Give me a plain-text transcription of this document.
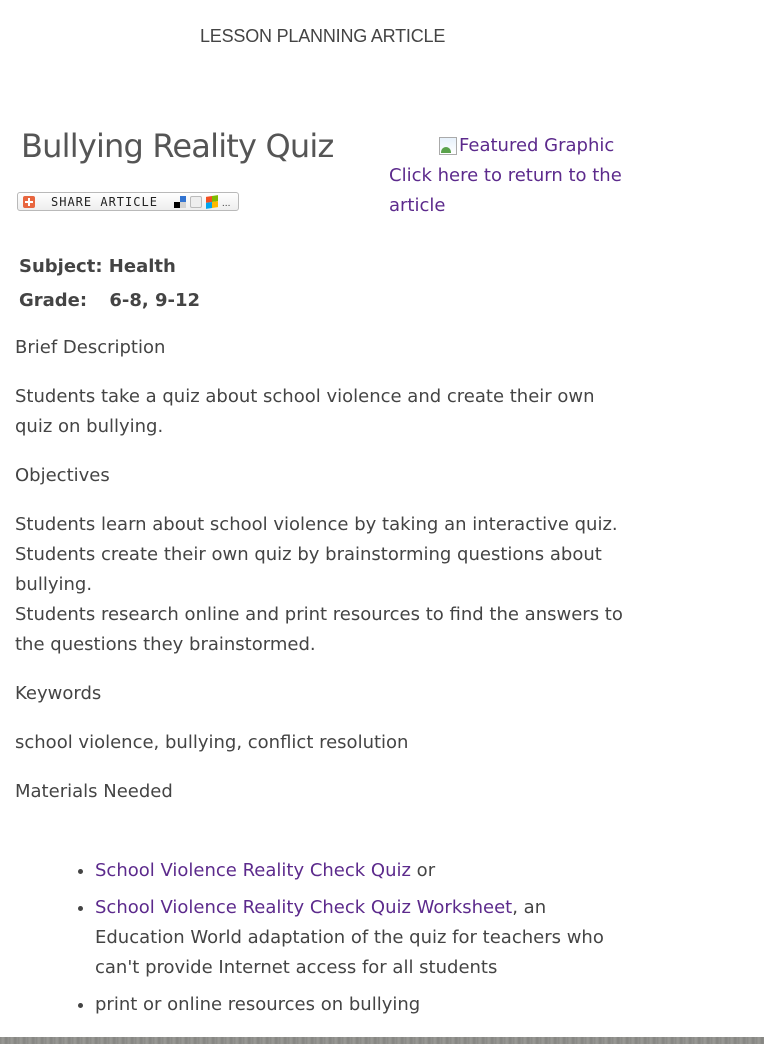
LESSON PLANNING ARTICLE
Bullying Reality Quiz
SHARE ARTICLE	...
Featured Graphic
Click here to return to the article
Subject: Health
Grade: 6-8, 9-12

Brief Description

Students take a quiz about school violence and create their own quiz on bullying.

Objectives

Students learn about school violence by taking an interactive quiz.
Students create their own quiz by brainstorming questions about bullying.
Students research online and print resources to find the answers to the questions they brainstormed.

Keywords

school violence, bullying, conflict resolution

Materials Needed

• School Violence Reality Check Quiz or
• School Violence Reality Check Quiz Worksheet, an Education World adaptation of the quiz for teachers who can't provide Internet access for all students
• print or online resources on bullying
